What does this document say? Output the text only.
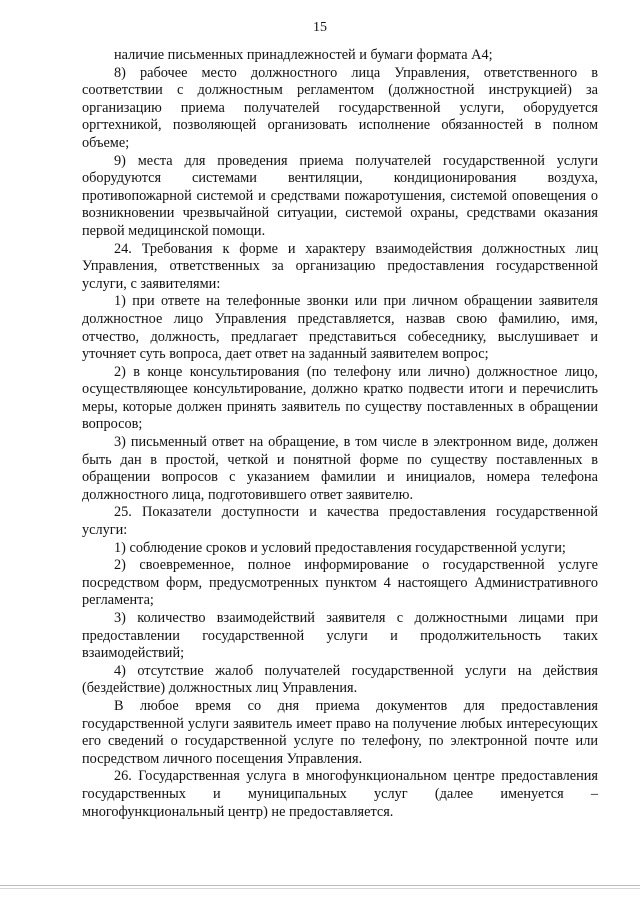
15

наличие письменных принадлежностей и бумаги формата А4;

8) рабочее место должностного лица Управления, ответственного в соответствии с должностным регламентом (должностной инструкцией) за организацию приема получателей государственной услуги, оборудуется оргтехникой, позволяющей организовать исполнение обязанностей в полном объеме;

9) места для проведения приема получателей государственной услуги оборудуются системами вентиляции, кондиционирования воздуха, противопожарной системой и средствами пожаротушения, системой оповещения о возникновении чрезвычайной ситуации, системой охраны, средствами оказания первой медицинской помощи.

24. Требования к форме и характеру взаимодействия должностных лиц Управления, ответственных за организацию предоставления государственной услуги, с заявителями:

1) при ответе на телефонные звонки или при личном обращении заявителя должностное лицо Управления представляется, назвав свою фамилию, имя, отчество, должность, предлагает представиться собеседнику, выслушивает и уточняет суть вопроса, дает ответ на заданный заявителем вопрос;

2) в конце консультирования (по телефону или лично) должностное лицо, осуществляющее консультирование, должно кратко подвести итоги и перечислить меры, которые должен принять заявитель по существу поставленных в обращении вопросов;

3) письменный ответ на обращение, в том числе в электронном виде, должен быть дан в простой, четкой и понятной форме по существу поставленных в обращении вопросов с указанием фамилии и инициалов, номера телефона должностного лица, подготовившего ответ заявителю.

25. Показатели доступности и качества предоставления государственной услуги:

1) соблюдение сроков и условий предоставления государственной услуги;

2) своевременное, полное информирование о государственной услуге посредством форм, предусмотренных пунктом 4 настоящего Административного регламента;

3) количество взаимодействий заявителя с должностными лицами при предоставлении государственной услуги и продолжительность таких взаимодействий;

4) отсутствие жалоб получателей государственной услуги на действия (бездействие) должностных лиц Управления.

В любое время со дня приема документов для предоставления государственной услуги заявитель имеет право на получение любых интересующих его сведений о государственной услуге по телефону, по электронной почте или посредством личного посещения Управления.

26. Государственная услуга в многофункциональном центре предоставления государственных и муниципальных услуг (далее именуется – многофункциональный центр) не предоставляется.
